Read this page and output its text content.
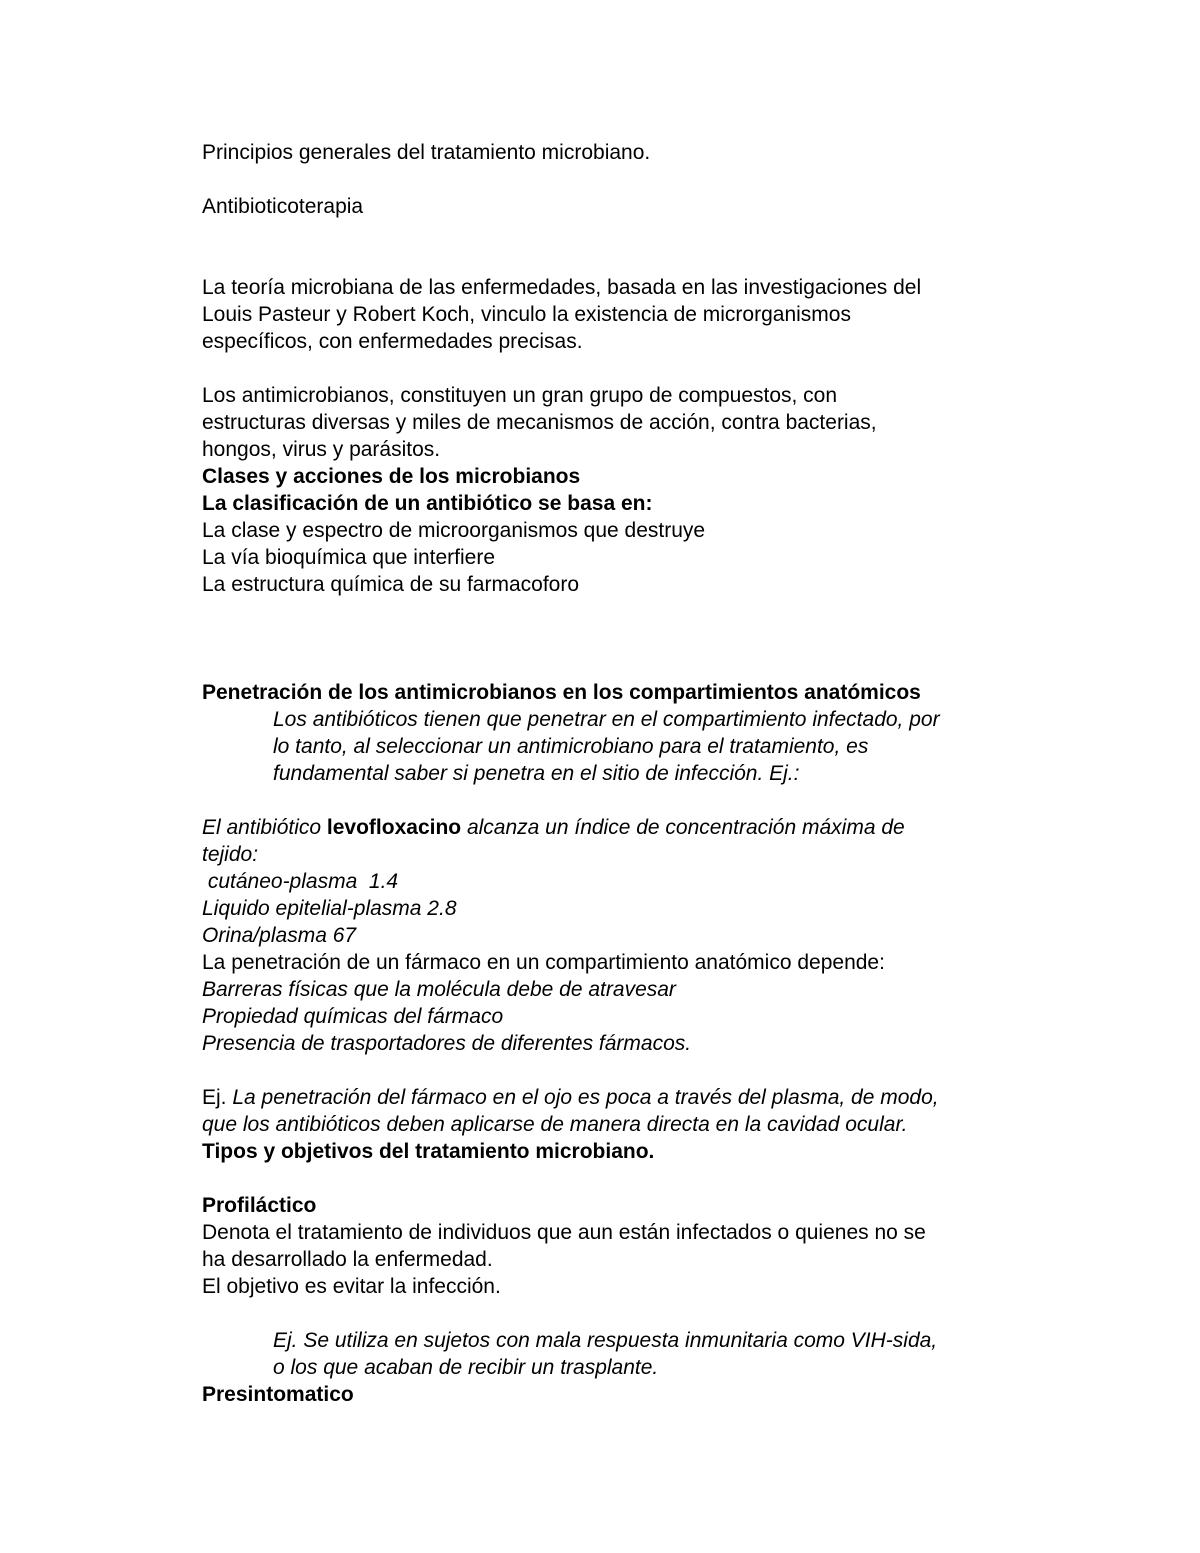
Principios generales del tratamiento microbiano.

Antibioticoterapia

La teoría microbiana de las enfermedades, basada en las investigaciones del

Louis Pasteur y Robert Koch, vinculo la existencia de microrganismos

específicos, con enfermedades precisas.

Los antimicrobianos, constituyen un gran grupo de compuestos, con

estructuras diversas y miles de mecanismos de acción, contra bacterias,

hongos, virus y parásitos.

Clases y acciones de los microbianos

La clasificación de un antibiótico se basa en:

La clase y espectro de microorganismos que destruye

La vía bioquímica que interfiere

La estructura química de su farmacoforo

Penetración de los antimicrobianos en los compartimientos anatómicos

Los antibióticos tienen que penetrar en el compartimiento infectado, por

lo tanto, al seleccionar un antimicrobiano para el tratamiento, es

fundamental saber si penetra en el sitio de infección. Ej.:

El antibiótico levofloxacino alcanza un índice de concentración máxima de

tejido:

cutáneo-plasma  1.4

Liquido epitelial-plasma 2.8

Orina/plasma 67

La penetración de un fármaco en un compartimiento anatómico depende:

Barreras físicas que la molécula debe de atravesar

Propiedad químicas del fármaco

Presencia de trasportadores de diferentes fármacos.

Ej. La penetración del fármaco en el ojo es poca a través del plasma, de modo,

que los antibióticos deben aplicarse de manera directa en la cavidad ocular.

Tipos y objetivos del tratamiento microbiano.

Profiláctico

Denota el tratamiento de individuos que aun están infectados o quienes no se

ha desarrollado la enfermedad.

El objetivo es evitar la infección.

Ej. Se utiliza en sujetos con mala respuesta inmunitaria como VIH-sida,

o los que acaban de recibir un trasplante.

Presintomatico
